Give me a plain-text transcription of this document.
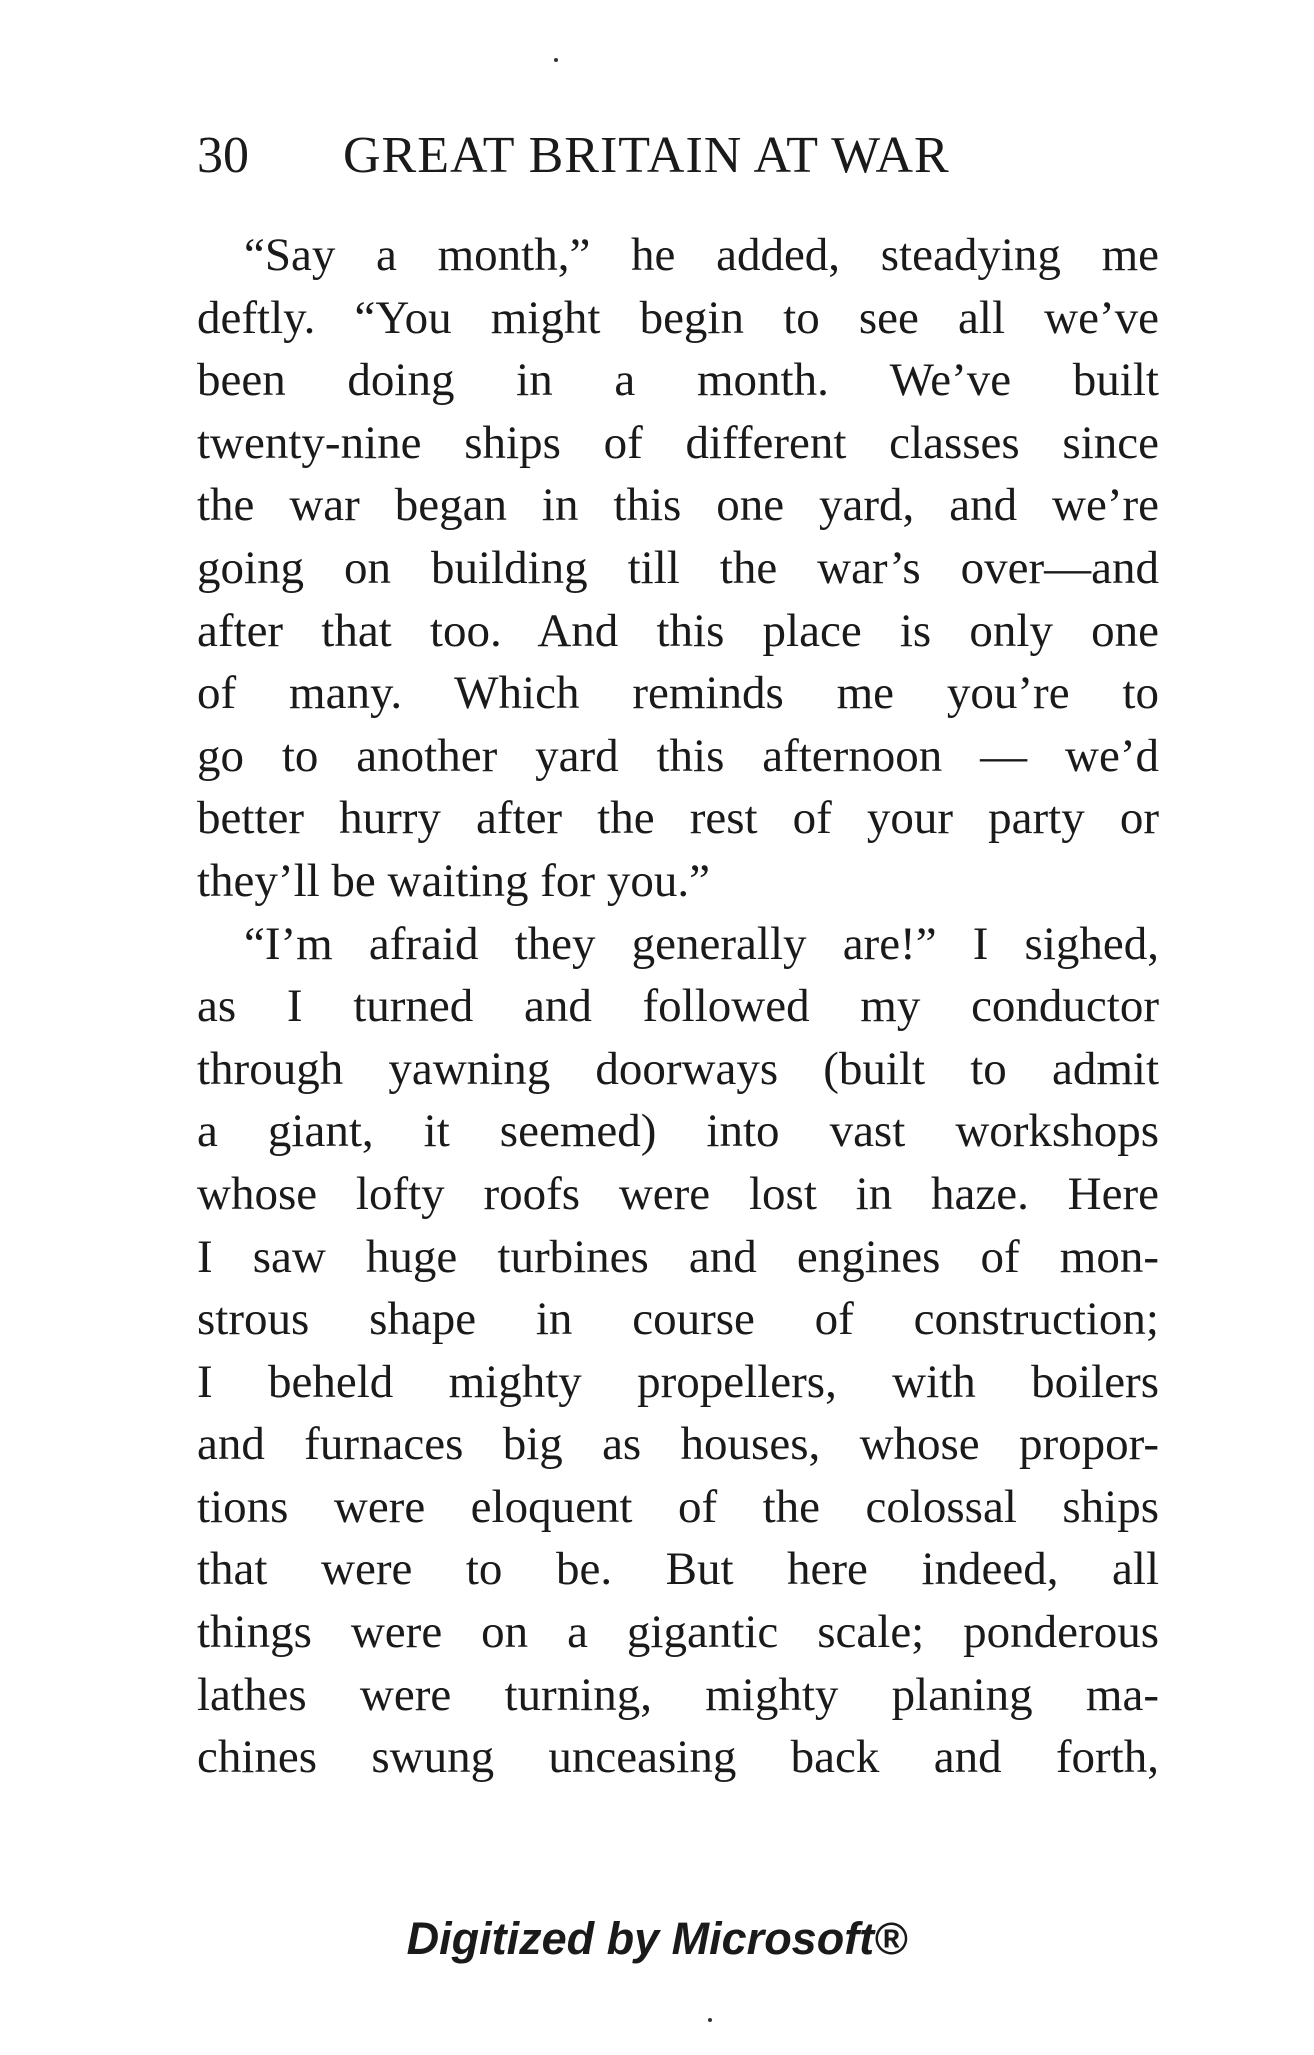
30 GREAT BRITAIN AT WAR
“Say a month,” he added, steadying me
deftly. “You might begin to see all we’ve
been doing in a month. We’ve built
twenty-nine ships of different classes since
the war began in this one yard, and we’re
going on building till the war’s over—and
after that too. And this place is only one
of many. Which reminds me you’re to
go to another yard this afternoon — we’d
better hurry after the rest of your party or
they’ll be waiting for you.”
“I’m afraid they generally are!” I sighed,
as I turned and followed my conductor
through yawning doorways (built to admit
a giant, it seemed) into vast workshops
whose lofty roofs were lost in haze. Here
I saw huge turbines and engines of mon-
strous shape in course of construction;
I beheld mighty propellers, with boilers
and furnaces big as houses, whose propor-
tions were eloquent of the colossal ships
that were to be. But here indeed, all
things were on a gigantic scale; ponderous
lathes were turning, mighty planing ma-
chines swung unceasing back and forth,
Digitized by Microsoft®
